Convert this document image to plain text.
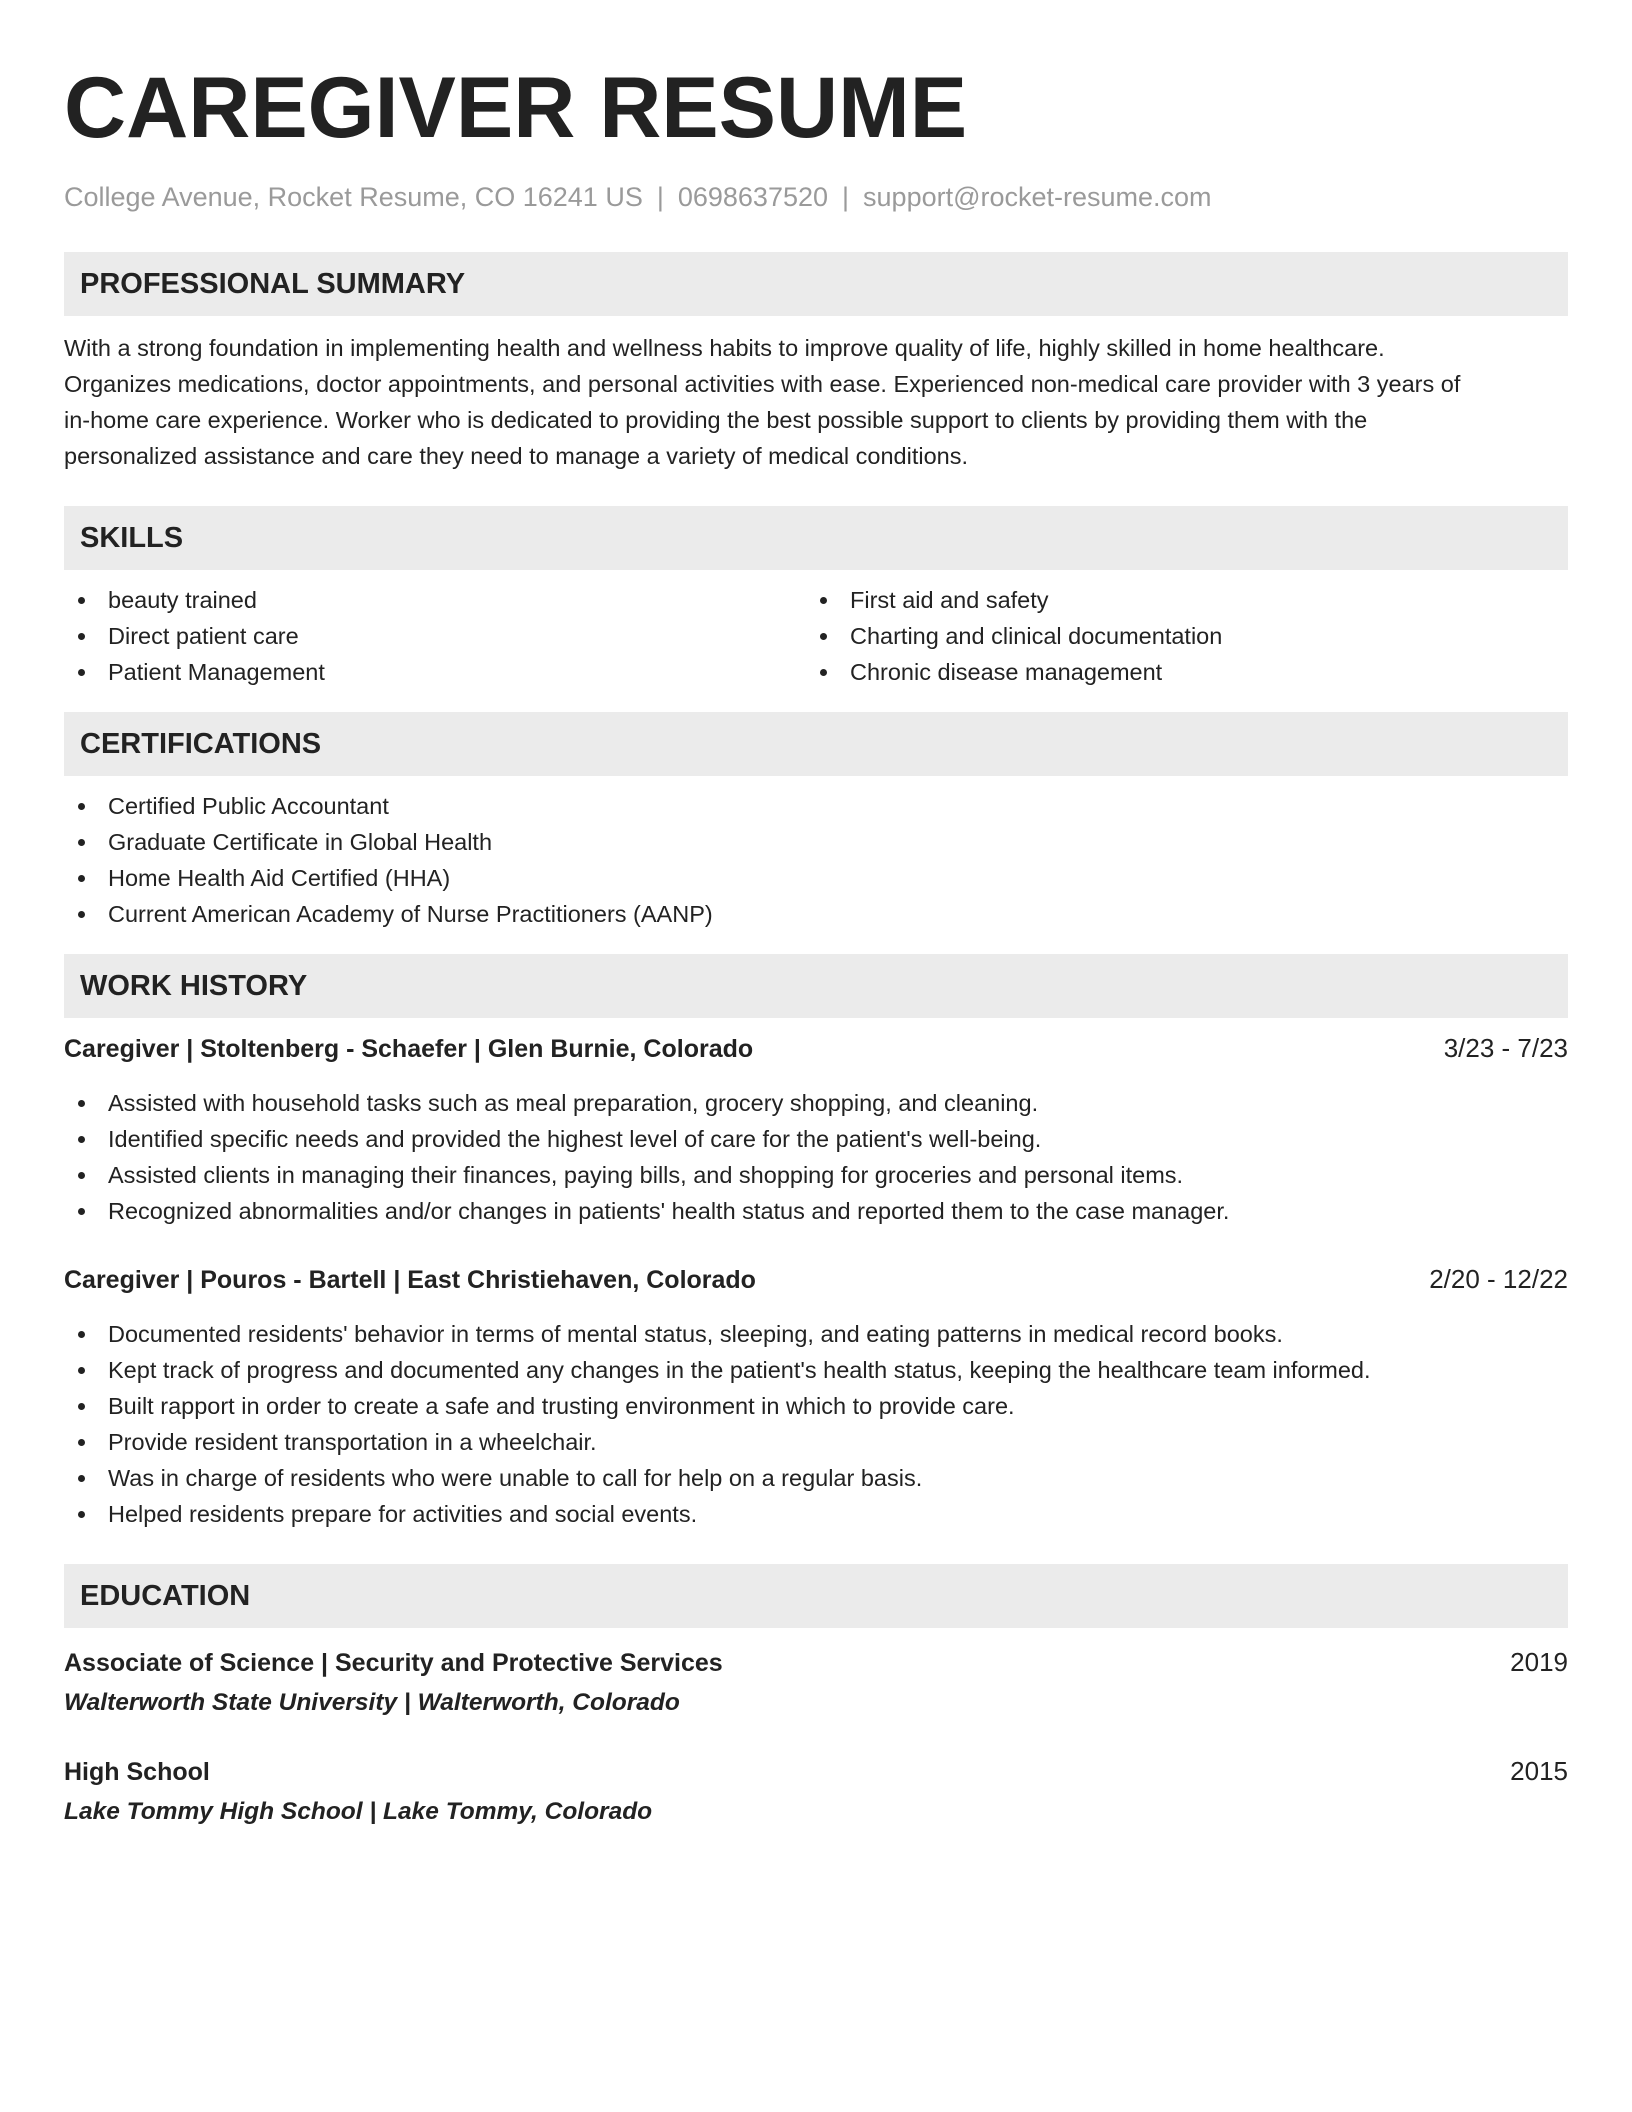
CAREGIVER RESUME
College Avenue, Rocket Resume, CO 16241 US | 0698637520 | support@rocket-resume.com
PROFESSIONAL SUMMARY
With a strong foundation in implementing health and wellness habits to improve quality of life, highly skilled in home healthcare.
Organizes medications, doctor appointments, and personal activities with ease. Experienced non-medical care provider with 3 years of
in-home care experience. Worker who is dedicated to providing the best possible support to clients by providing them with the
personalized assistance and care they need to manage a variety of medical conditions.
SKILLS
beauty trained
Direct patient care
Patient Management
First aid and safety
Charting and clinical documentation
Chronic disease management
CERTIFICATIONS
Certified Public Accountant
Graduate Certificate in Global Health
Home Health Aid Certified (HHA)
Current American Academy of Nurse Practitioners (AANP)
WORK HISTORY
Caregiver | Stoltenberg - Schaefer | Glen Burnie, Colorado	3/23 - 7/23
Assisted with household tasks such as meal preparation, grocery shopping, and cleaning.
Identified specific needs and provided the highest level of care for the patient's well-being.
Assisted clients in managing their finances, paying bills, and shopping for groceries and personal items.
Recognized abnormalities and/or changes in patients' health status and reported them to the case manager.
Caregiver | Pouros - Bartell | East Christiehaven, Colorado	2/20 - 12/22
Documented residents' behavior in terms of mental status, sleeping, and eating patterns in medical record books.
Kept track of progress and documented any changes in the patient's health status, keeping the healthcare team informed.
Built rapport in order to create a safe and trusting environment in which to provide care.
Provide resident transportation in a wheelchair.
Was in charge of residents who were unable to call for help on a regular basis.
Helped residents prepare for activities and social events.
EDUCATION
Associate of Science | Security and Protective Services	2019
Walterworth State University | Walterworth, Colorado
High School	2015
Lake Tommy High School | Lake Tommy, Colorado
